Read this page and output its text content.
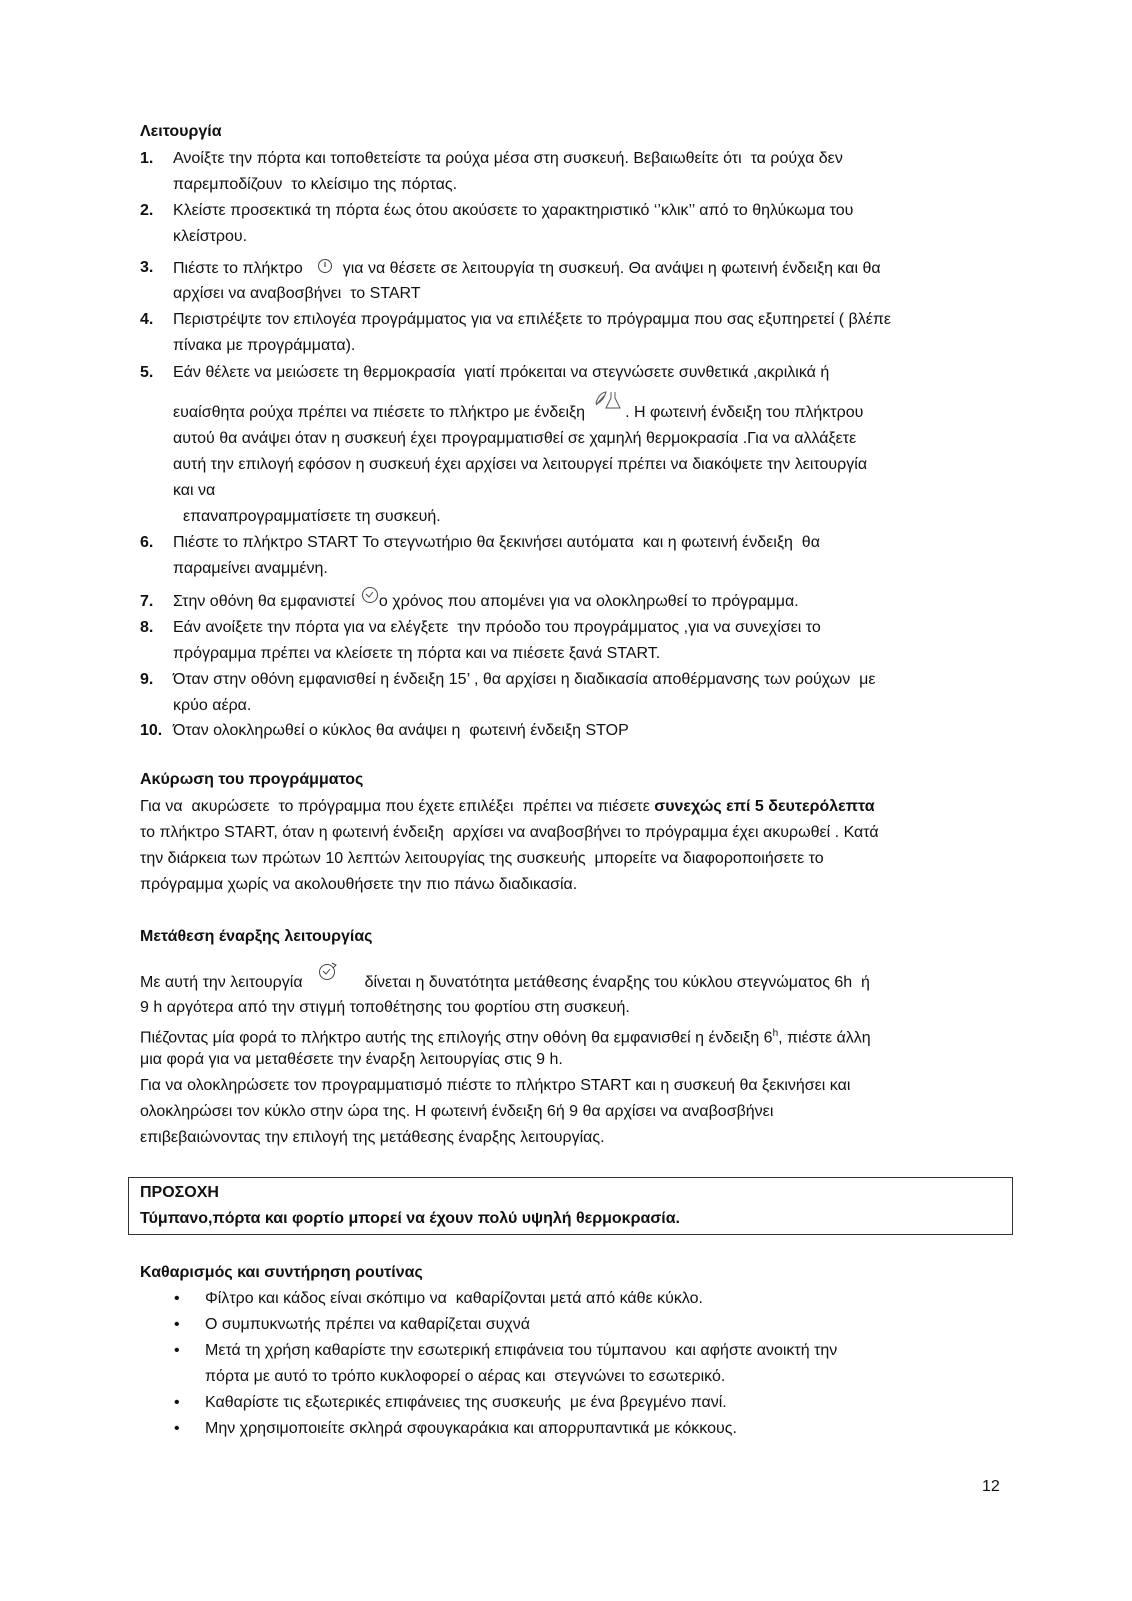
Λειτουργία
1. Ανοίξτε την πόρτα και τοποθετείστε τα ρούχα μέσα στη συσκευή. Βεβαιωθείτε ότι  τα ρούχα δεν
παρεμποδίζουν  το κλείσιμο της πόρτας.
2. Κλείστε προσεκτικά τη πόρτα έως ότου ακούσετε το χαρακτηριστικό ‘’κλικ’’ από το θηλύκωμα του
κλείστρου.
3. Πιέστε το πλήκτρο	για να θέσετε σε λειτουργία τη συσκευή. Θα ανάψει η φωτεινή ένδειξη και θα
αρχίσει να αναβοσβήνει  το START
4. Περιστρέψτε τον επιλογέα προγράμματος για να επιλέξετε το πρόγραμμα που σας εξυπηρετεί ( βλέπε
πίνακα με προγράμματα).
5. Εάν θέλετε να μειώσετε τη θερμοκρασία  γιατί πρόκειται να στεγνώσετε συνθετικά ,ακριλικά ή
ευαίσθητα ρούχα πρέπει να πιέσετε το πλήκτρο με ένδειξη	. Η φωτεινή ένδειξη του πλήκτρου
αυτού θα ανάψει όταν η συσκευή έχει προγραμματισθεί σε χαμηλή θερμοκρασία .Για να αλλάξετε
αυτή την επιλογή εφόσον η συσκευή έχει αρχίσει να λειτουργεί πρέπει να διακόψετε την λειτουργία
και να
επαναπρογραμματίσετε τη συσκευή.
6. Πιέστε το πλήκτρο START Το στεγνωτήριο θα ξεκινήσει αυτόματα  και η φωτεινή ένδειξη  θα
παραμείνει αναμμένη.
7. Στην οθόνη θα εμφανιστεί ο χρόνος που απομένει για να ολοκληρωθεί το πρόγραμμα.
8. Εάν ανοίξετε την πόρτα για να ελέγξετε  την πρόοδο του προγράμματος ,για να συνεχίσει το
πρόγραμμα πρέπει να κλείσετε τη πόρτα και να πιέσετε ξανά START.
9. Όταν στην οθόνη εμφανισθεί η ένδειξη 15’ , θα αρχίσει η διαδικασία αποθέρμανσης των ρούχων  με
κρύο αέρα.
10. Όταν ολοκληρωθεί ο κύκλος θα ανάψει η  φωτεινή ένδειξη STOP
Ακύρωση του προγράμματος
Για να  ακυρώσετε  το πρόγραμμα που έχετε επιλέξει  πρέπει να πιέσετε συνεχώς επί 5 δευτερόλεπτα
το πλήκτρο START, όταν η φωτεινή ένδειξη  αρχίσει να αναβοσβήνει το πρόγραμμα έχει ακυρωθεί . Κατά
την διάρκεια των πρώτων 10 λεπτών λειτουργίας της συσκευής  μπορείτε να διαφοροποιήσετε το
πρόγραμμα χωρίς να ακολουθήσετε την πιο πάνω διαδικασία.
Μετάθεση έναρξης λειτουργίας
Με αυτή την λειτουργία	δίνεται η δυνατότητα μετάθεσης έναρξης του κύκλου στεγνώματος 6h  ή
9 h αργότερα από την στιγμή τοποθέτησης του φορτίου στη συσκευή.
Πιέζοντας μία φορά το πλήκτρο αυτής της επιλογής στην οθόνη θα εμφανισθεί η ένδειξη 6$^h$, πιέστε άλλη
μια φορά για να μεταθέσετε την έναρξη λειτουργίας στις 9 h.
Για να ολοκληρώσετε τον προγραμματισμό πιέστε το πλήκτρο START και η συσκευή θα ξεκινήσει και
ολοκληρώσει τον κύκλο στην ώρα της. Η φωτεινή ένδειξη 6ή 9 θα αρχίσει να αναβοσβήνει
επιβεβαιώνοντας την επιλογή της μετάθεσης έναρξης λειτουργίας.
ΠΡΟΣΟΧΗ
Τύμπανο,πόρτα και φορτίο μπορεί να έχουν πολύ υψηλή θερμοκρασία.
Καθαρισμός και συντήρηση ρουτίνας
• Φίλτρο και κάδος είναι σκόπιμο να  καθαρίζονται μετά από κάθε κύκλο.
• Ο συμπυκνωτής πρέπει να καθαρίζεται συχνά
• Μετά τη χρήση καθαρίστε την εσωτερική επιφάνεια του τύμπανου  και αφήστε ανοικτή την
πόρτα με αυτό το τρόπο κυκλοφορεί ο αέρας και  στεγνώνει το εσωτερικό.
• Καθαρίστε τις εξωτερικές επιφάνειες της συσκευής  με ένα βρεγμένο πανί.
• Μην χρησιμοποιείτε σκληρά σφουγκαράκια και απορρυπαντικά με κόκκους.
12
